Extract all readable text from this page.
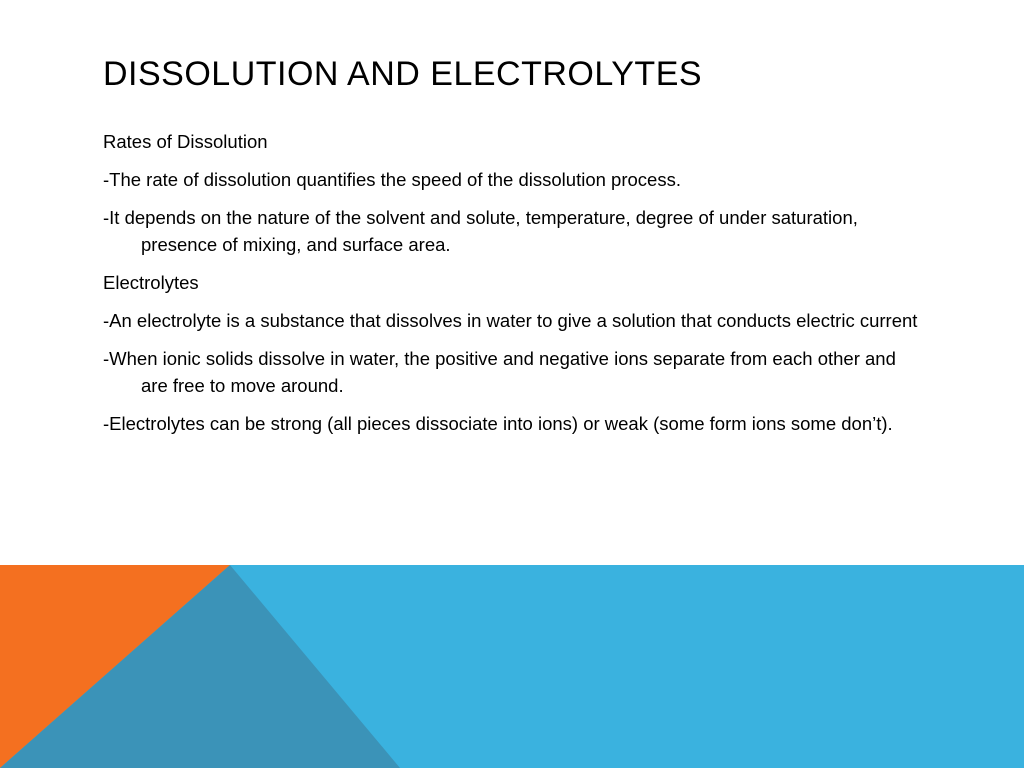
DISSOLUTION AND ELECTROLYTES

Rates of Dissolution

-The rate of dissolution quantifies the speed of the dissolution process.

-It depends on the nature of the solvent and solute, temperature, degree of under saturation, presence of mixing, and surface area.

Electrolytes

-An electrolyte is a substance that dissolves in water to give a solution that conducts electric current

-When ionic solids dissolve in water, the positive and negative ions separate from each other and are free to move around.

-Electrolytes can be strong (all pieces dissociate into ions) or weak (some form ions some don’t).
